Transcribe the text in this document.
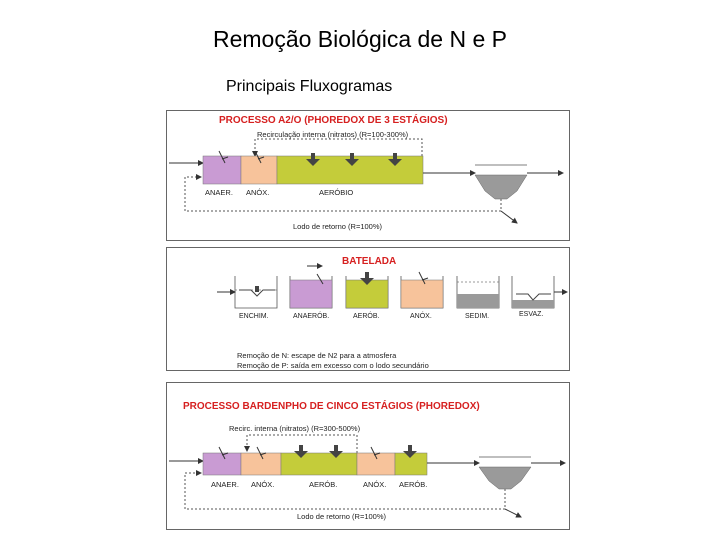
Remoção Biológica de N e P
Principais Fluxogramas
PROCESSO A2/O (PHOREDOX DE 3 ESTÁGIOS)
Recirculação interna (nitratos) (R=100-300%)
ANAER. ANÓX.	AERÓBIO
Lodo de retorno (R=100%)
BATELADA
ENCHIM.	ANAERÓB.	AERÓB.	ANÓX.	SEDIM.	ESVAZ.
Remoção de N: escape de N2 para a atmosfera
Remoção de P: saída em excesso com o lodo secundário
PROCESSO BARDENPHO DE CINCO ESTÁGIOS (PHOREDOX)
Recirc. interna (nitratos) (R=300-500%)
ANAER. ANÓX.	AERÓB.	ANÓX. AERÓB.
Lodo de retorno (R=100%)
